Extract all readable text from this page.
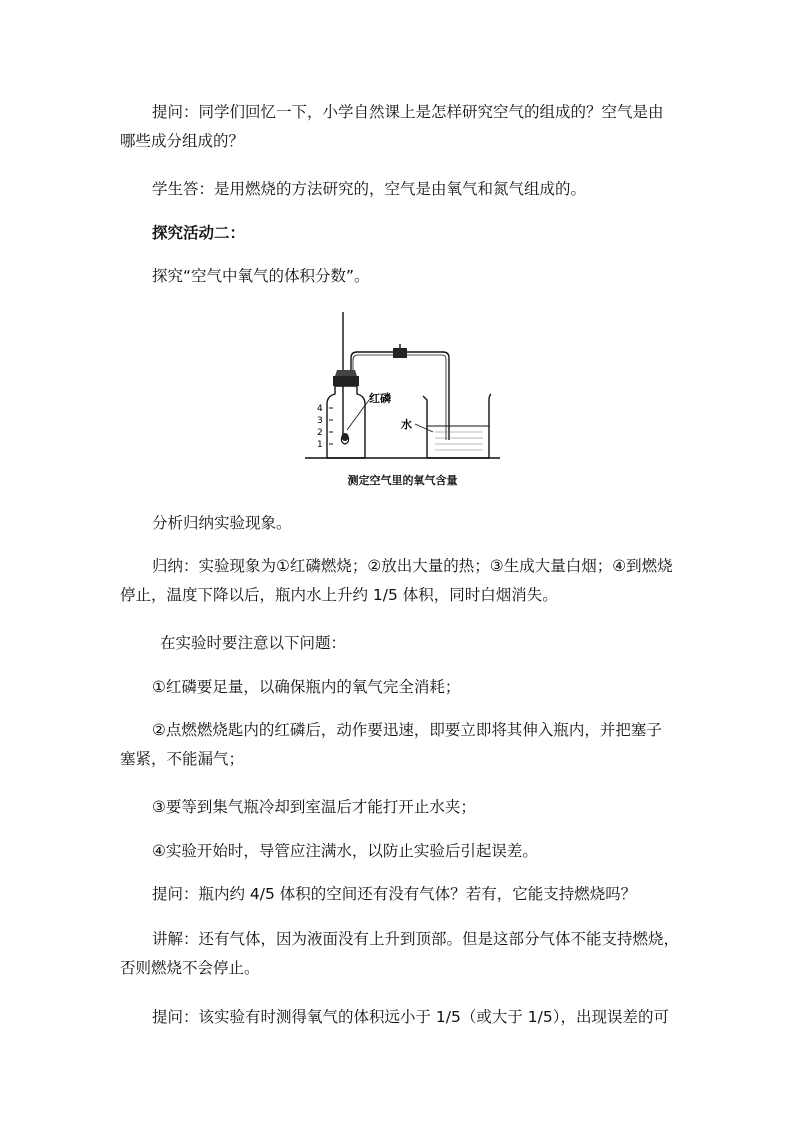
提问：同学们回忆一下，小学自然课上是怎样研究空气的组成的？空气是由
哪些成分组成的？
学生答：是用燃烧的方法研究的，空气是由氧气和氮气组成的。
探究活动二：
探究“空气中氧气的体积分数”。
4
3
2
1
红磷
水
测定空气里的氧气含量
分析归纳实验现象。
归纳：实验现象为①红磷燃烧；②放出大量的热；③生成大量白烟；④到燃烧
停止，温度下降以后，瓶内水上升约 1/5 体积，同时白烟消失。
在实验时要注意以下问题：
①红磷要足量，以确保瓶内的氧气完全消耗；
②点燃燃烧匙内的红磷后，动作要迅速，即要立即将其伸入瓶内，并把塞子
塞紧，不能漏气；
③要等到集气瓶冷却到室温后才能打开止水夹；
④实验开始时，导管应注满水，以防止实验后引起误差。
提问：瓶内约 4/5 体积的空间还有没有气体？若有，它能支持燃烧吗？
讲解：还有气体，因为液面没有上升到顶部。但是这部分气体不能支持燃烧，
否则燃烧不会停止。
提问：该实验有时测得氧气的体积远小于 1/5（或大于 1/5），出现误差的可
